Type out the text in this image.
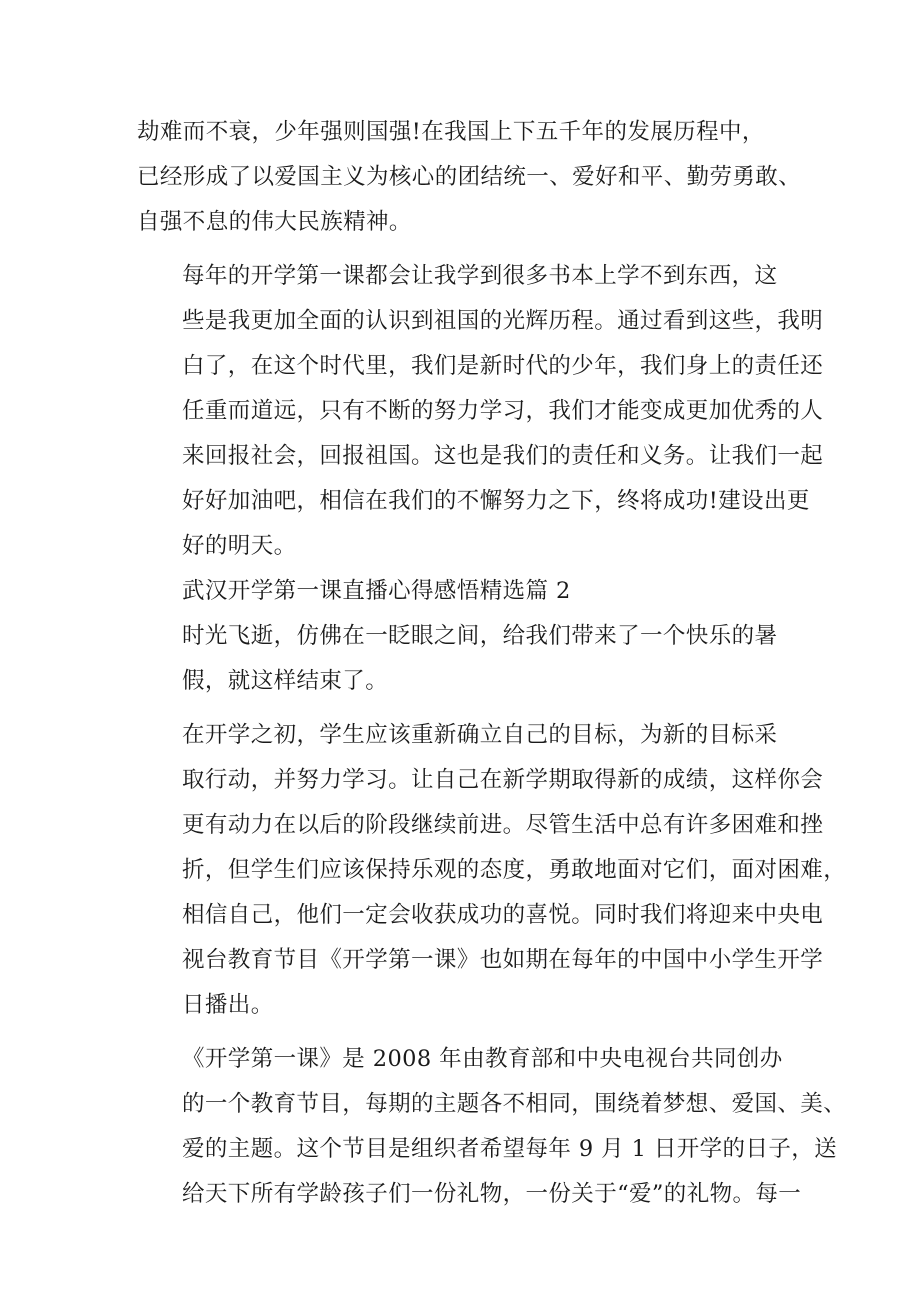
劫难而不衰，少年强则国强!在我国上下五千年的发展历程中，
已经形成了以爱国主义为核心的团结统一、爱好和平、勤劳勇敢、
自强不息的伟大民族精神。

每年的开学第一课都会让我学到很多书本上学不到东西，这
些是我更加全面的认识到祖国的光辉历程。通过看到这些，我明
白了，在这个时代里，我们是新时代的少年，我们身上的责任还
任重而道远，只有不断的努力学习，我们才能变成更加优秀的人
来回报社会，回报祖国。这也是我们的责任和义务。让我们一起
好好加油吧，相信在我们的不懈努力之下，终将成功!建设出更
好的明天。

武汉开学第一课直播心得感悟精选篇 2

时光飞逝，仿佛在一眨眼之间，给我们带来了一个快乐的暑
假，就这样结束了。

在开学之初，学生应该重新确立自己的目标，为新的目标采
取行动，并努力学习。让自己在新学期取得新的成绩，这样你会
更有动力在以后的阶段继续前进。尽管生活中总有许多困难和挫
折，但学生们应该保持乐观的态度，勇敢地面对它们，面对困难，
相信自己，他们一定会收获成功的喜悦。同时我们将迎来中央电
视台教育节目《开学第一课》也如期在每年的中国中小学生开学
日播出。

《开学第一课》是 2008 年由教育部和中央电视台共同创办
的一个教育节目，每期的主题各不相同，围绕着梦想、爱国、美、
爱的主题。这个节目是组织者希望每年 9 月 1 日开学的日子，送
给天下所有学龄孩子们一份礼物，一份关于“爱”的礼物。每一
